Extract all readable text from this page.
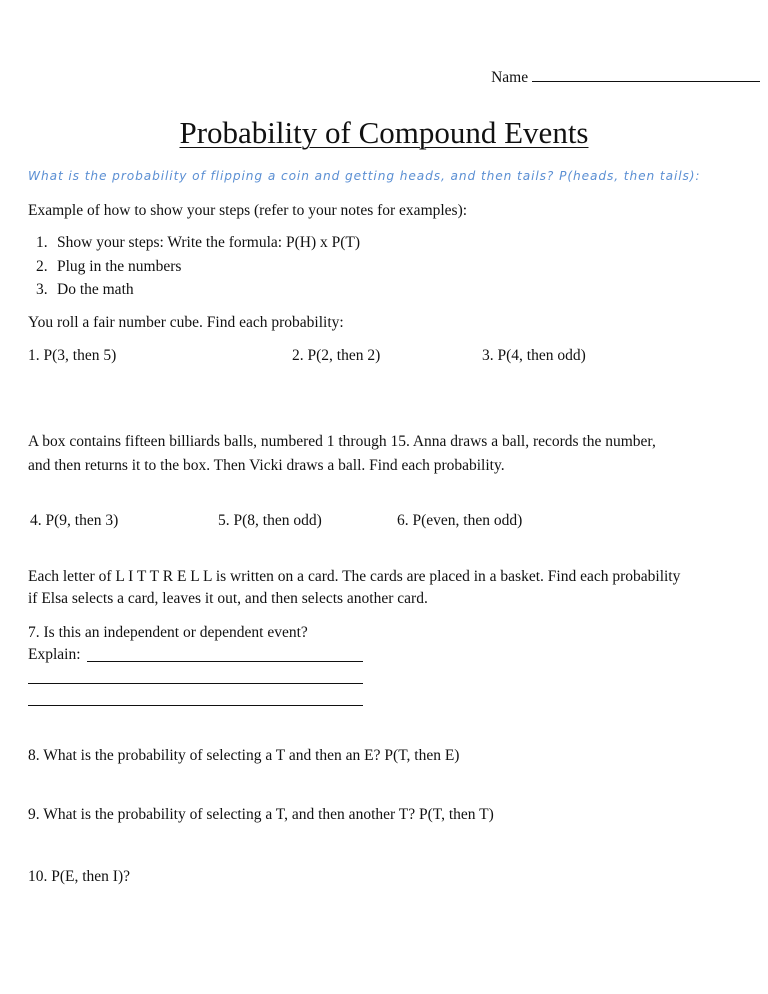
Name
Probability of Compound Events
What is the probability of flipping a coin and getting heads, and then tails? P(heads, then tails):
Example of how to show your steps (refer to your notes for examples):
1. Show your steps: Write the formula: P(H) x P(T)
2. Plug in the numbers
3. Do the math
You roll a fair number cube. Find each probability:
1. P(3, then 5)	2. P(2, then 2)	3. P(4, then odd)
A box contains fifteen billiards balls, numbered 1 through 15. Anna draws a ball, records the number,
and then returns it to the box. Then Vicki draws a ball. Find each probability.
4. P(9, then 3)	5. P(8, then odd)	6. P(even, then odd)
Each letter of L I T T R E L L is written on a card. The cards are placed in a basket. Find each probability
if Elsa selects a card, leaves it out, and then selects another card.
7. Is this an independent or dependent event?
Explain:
8. What is the probability of selecting a T and then an E? P(T, then E)
9. What is the probability of selecting a T, and then another T? P(T, then T)
10. P(E, then I)?
